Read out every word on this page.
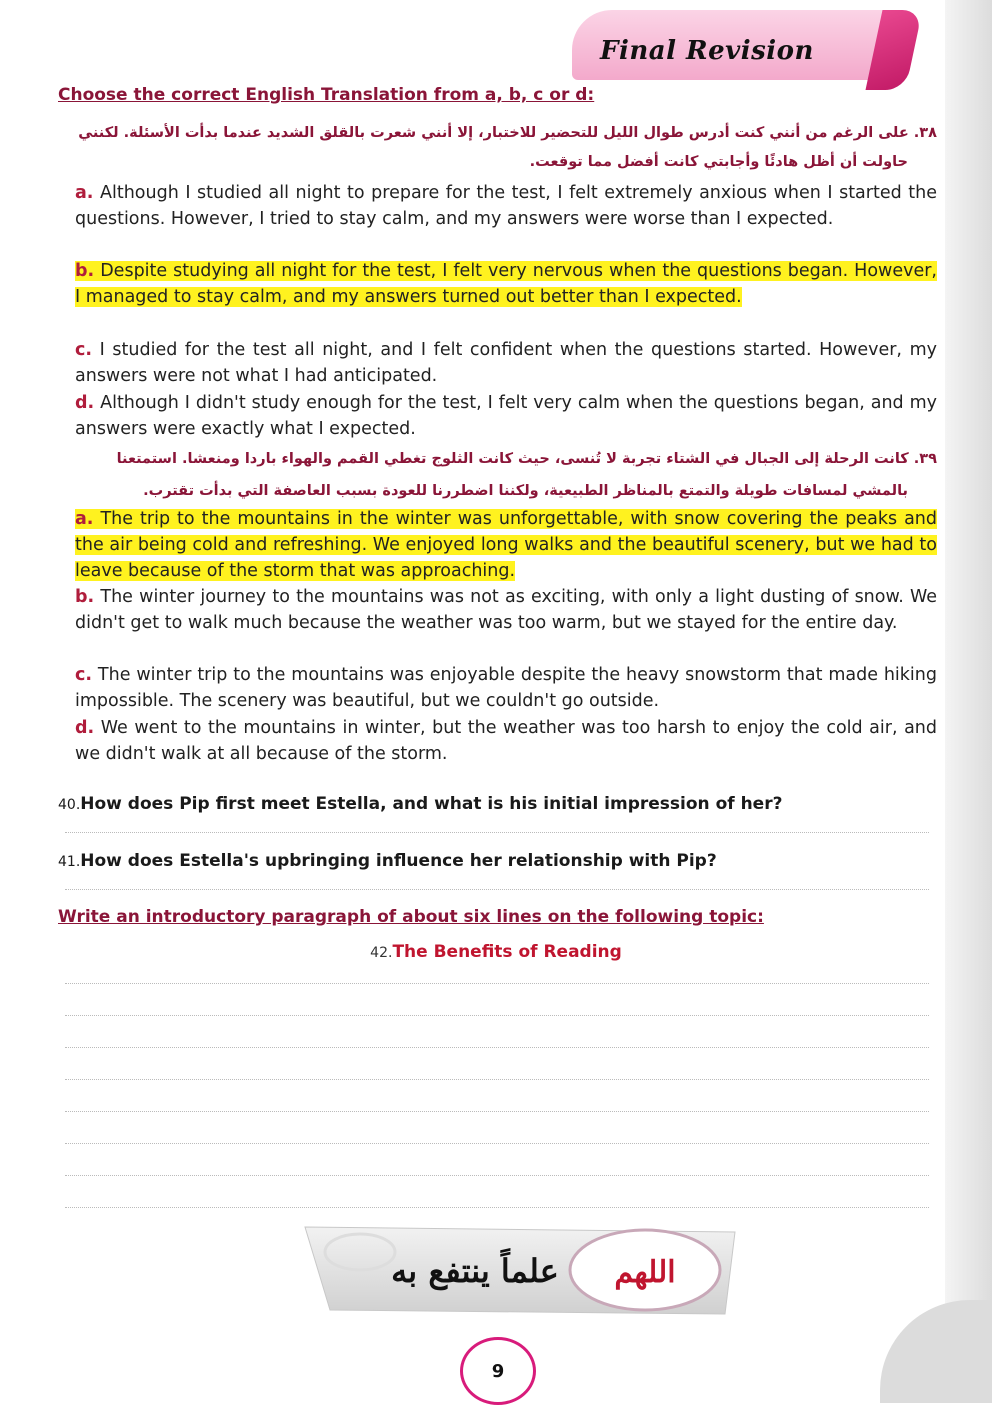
Final Revision
Choose the correct English Translation from a, b, c or d:
٣٨. على الرغم من أنني كنت أدرس طوال الليل للتحضير للاختبار، إلا أنني شعرت بالقلق الشديد عندما بدأت الأسئلة. لكنني
حاولت أن أظل هادئًا وأجابتي كانت أفضل مما توقعت.
a. Although I studied all night to prepare for the test, I felt extremely anxious when I started the questions. However, I tried to stay calm, and my answers were worse than I expected.
b. Despite studying all night for the test, I felt very nervous when the questions began. However, I managed to stay calm, and my answers turned out better than I expected.
c. I studied for the test all night, and I felt confident when the questions started. However, my answers were not what I had anticipated.
d. Although I didn't study enough for the test, I felt very calm when the questions began, and my answers were exactly what I expected.
٣٩. كانت الرحلة إلى الجبال في الشتاء تجربة لا تُنسى، حيث كانت الثلوج تغطي القمم والهواء باردا ومنعشا. استمتعنا
بالمشي لمسافات طويلة والتمتع بالمناظر الطبيعية، ولكننا اضطررنا للعودة بسبب العاصفة التي بدأت تقترب.
a. The trip to the mountains in the winter was unforgettable, with snow covering the peaks and the air being cold and refreshing. We enjoyed long walks and the beautiful scenery, but we had to leave because of the storm that was approaching.
b. The winter journey to the mountains was not as exciting, with only a light dusting of snow. We didn't get to walk much because the weather was too warm, but we stayed for the entire day.
c. The winter trip to the mountains was enjoyable despite the heavy snowstorm that made hiking impossible. The scenery was beautiful, but we couldn't go outside.
d. We went to the mountains in winter, but the weather was too harsh to enjoy the cold air, and we didn't walk at all because of the storm.
40.How does Pip first meet Estella, and what is his initial impression of her?
41.How does Estella's upbringing influence her relationship with Pip?
Write an introductory paragraph of about six lines on the following topic:
42.The Benefits of Reading
اللهم
علماً ينتفع به
9
